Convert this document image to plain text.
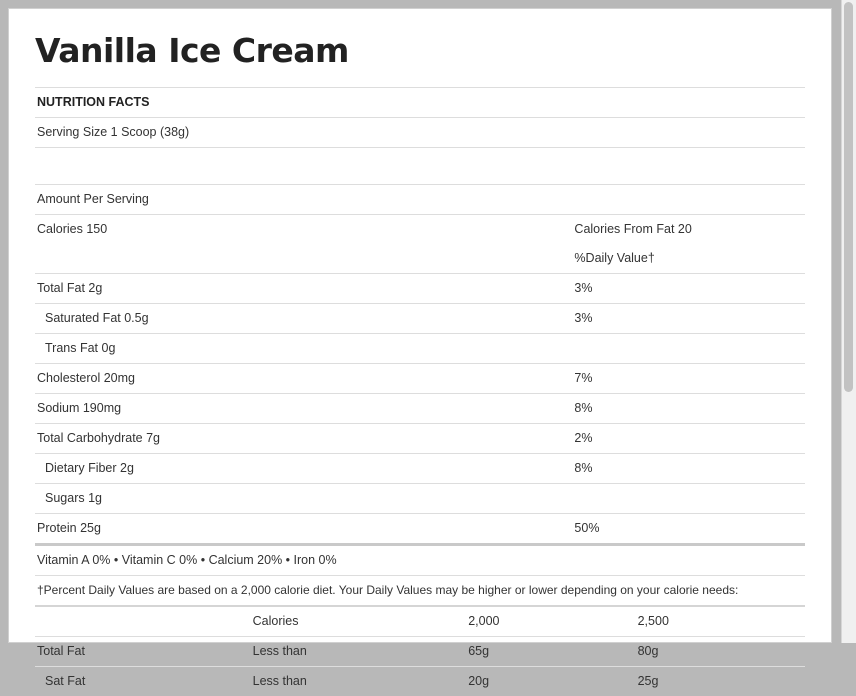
Vanilla Ice Cream
NUTRITION FACTS		
Serving Size 1 Scoop (38g)		

Amount Per Serving		
Calories 150	Calories From Fat 20	
	%Daily Value†	
Total Fat 2g	3%	
Saturated Fat 0.5g	3%	
Trans Fat 0g		
Cholesterol 20mg	7%	
Sodium 190mg	8%	
Total Carbohydrate 7g	2%	
Dietary Fiber 2g	8%	
Sugars 1g		
Protein 25g	50%	
Vitamin A 0% • Vitamin C 0% • Calcium 20% • Iron 0%		
†Percent Daily Values are based on a 2,000 calorie diet. Your Daily Values may be higher or lower depending on your calorie needs:		
	Calories	2,000	2,500
Total Fat	Less than	65g	80g
Sat Fat	Less than	20g	25g
